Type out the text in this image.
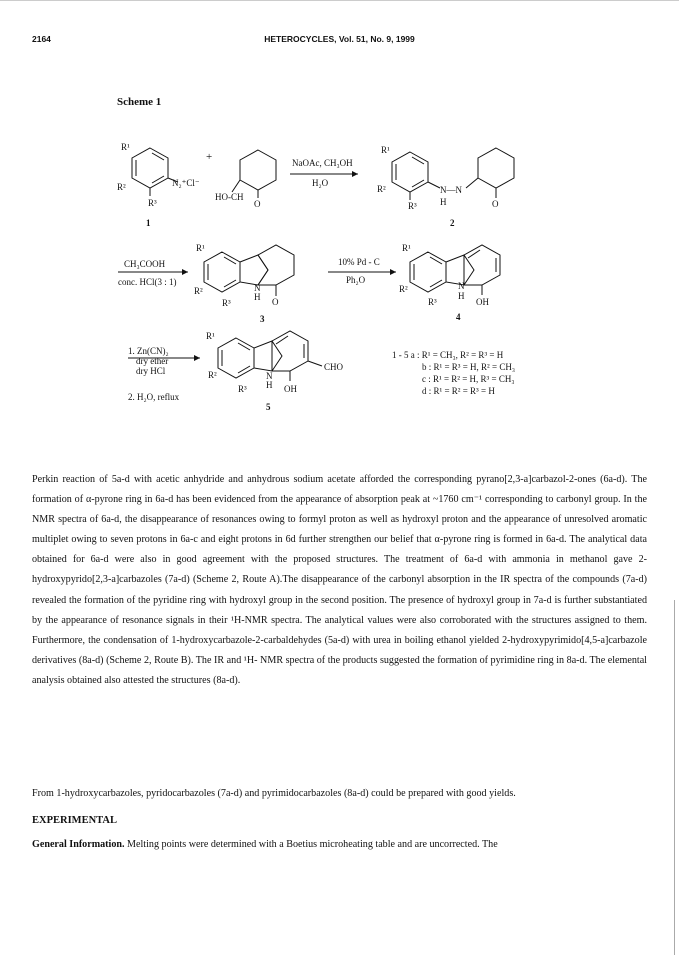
2164	HETEROCYCLES, Vol. 51, No. 9, 1999
Scheme 1
R¹
R²
R³
N₂⁺Cl⁻
1
+
HO-CH
O
NaOAc, CH₃OH
H₂O
R¹
R²
R³
N—N
H	O
2
CH₃COOH
conc. HCl(3 : 1)
R¹
R²
R³
N
H O
3
10% Pd - C
Ph₂O
R¹
R²
R³
N
H
OH
4
1. Zn(CN)₂
dry ether
dry HCl
2. H₂O, reflux
R¹
R²
R³
N
H
CHO
OH
5
1 - 5 a : R¹ = CH₃, R² = R³ = H
b : R¹ = R³ = H, R² = CH₃
c : R¹ = R² = H, R³ = CH₃
d : R¹ = R² = R³ = H
Perkin reaction of 5a-d with acetic anhydride and anhydrous sodium acetate afforded the corresponding pyrano[2,3-a]carbazol-2-ones (6a-d). The formation of α-pyrone ring in 6a-d has been evidenced from the appearance of absorption peak at ~1760 cm⁻¹ corresponding to carbonyl group. In the NMR spectra of 6a-d, the disappearance of resonances owing to formyl proton as well as hydroxyl proton and the appearance of unresolved aromatic multiplet owing to seven protons in 6a-c and eight protons in 6d further strengthen our belief that α-pyrone ring is formed in 6a-d. The analytical data obtained for 6a-d were also in good agreement with the proposed structures. The treatment of 6a-d with ammonia in methanol gave 2-hydroxypyrido[2,3-a]carbazoles (7a-d) (Scheme 2, Route A).The disappearance of the carbonyl absorption in the IR spectra of the compounds (7a-d) revealed the formation of the pyridine ring with hydroxyl group in the second position. The presence of hydroxyl group in 7a-d is further substantiated by the appearance of resonance signals in their ¹H-NMR spectra. The analytical values were also corroborated with the structures assigned to them. Furthermore, the condensation of 1-hydroxycarbazole-2-carbaldehydes (5a-d) with urea in boiling ethanol yielded 2-hydroxypyrimido[4,5-a]carbazole derivatives (8a-d) (Scheme 2, Route B). The IR and ¹H- NMR spectra of the products suggested the formation of pyrimidine ring in 8a-d. The elemental analysis obtained also attested the structures (8a-d).
From 1-hydroxycarbazoles, pyridocarbazoles (7a-d) and pyrimidocarbazoles (8a-d) could be prepared with good yields.
EXPERIMENTAL
General Information. Melting points were determined with a Boetius microheating table and are uncorrected. The
